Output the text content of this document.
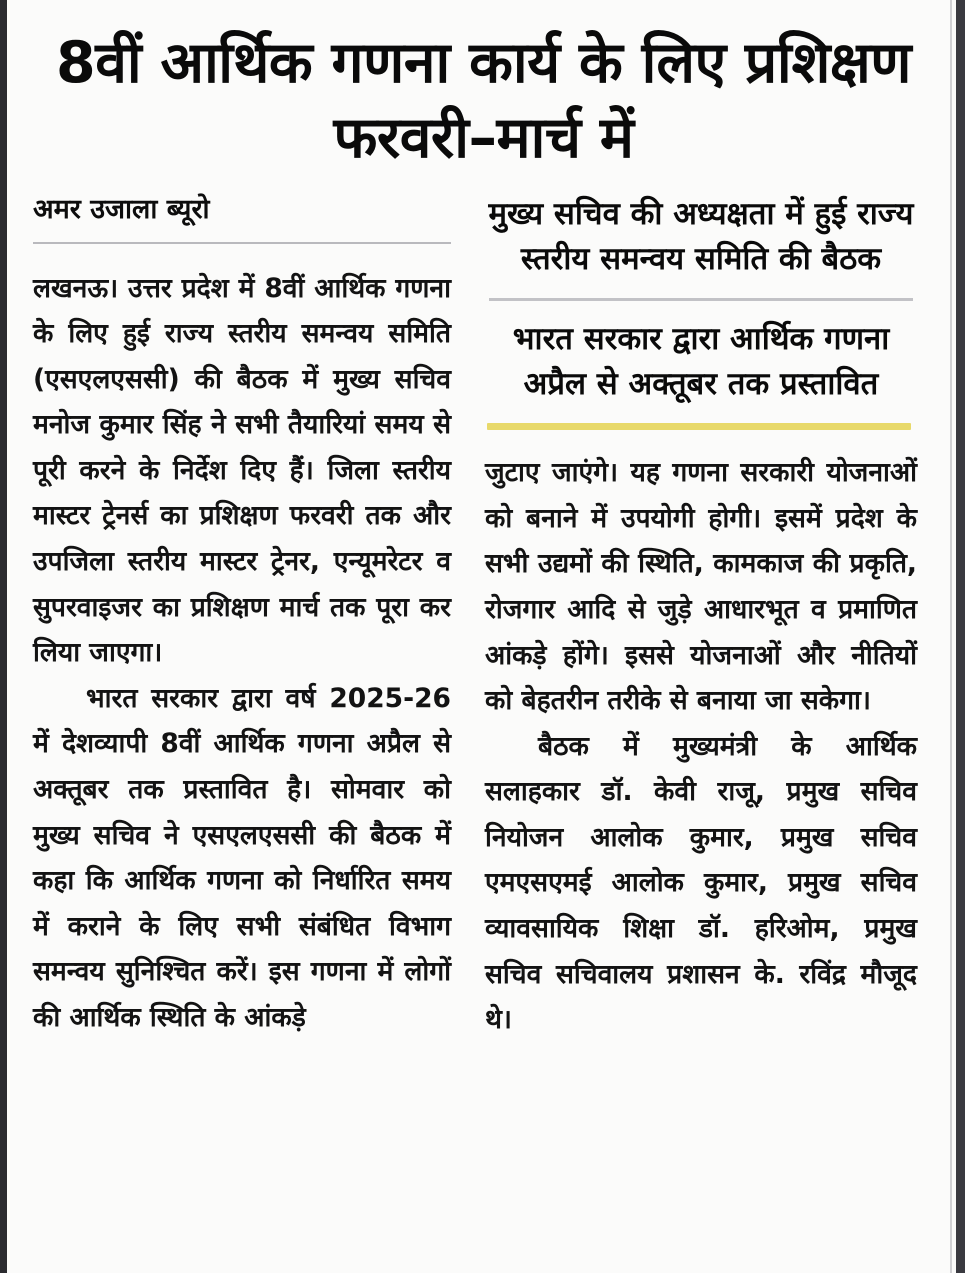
8वीं आर्थिक गणना कार्य के लिए प्रशिक्षण फरवरी–मार्च में
अमर उजाला ब्यूरो

लखनऊ। उत्तर प्रदेश में 8वीं आर्थिक गणना के लिए हुई राज्य स्तरीय समन्वय समिति (एसएलएससी) की बैठक में मुख्य सचिव मनोज कुमार सिंह ने सभी तैयारियां समय से पूरी करने के निर्देश दिए हैं। जिला स्तरीय मास्टर ट्रेनर्स का प्रशिक्षण फरवरी तक और उपजिला स्तरीय मास्टर ट्रेनर, एन्यूमरेटर व सुपरवाइजर का प्रशिक्षण मार्च तक पूरा कर लिया जाएगा।

भारत सरकार द्वारा वर्ष 2025-26 में देशव्यापी 8वीं आर्थिक गणना अप्रैल से अक्तूबर तक प्रस्तावित है। सोमवार को मुख्य सचिव ने एसएलएससी की बैठक में कहा कि आर्थिक गणना को निर्धारित समय में कराने के लिए सभी संबंधित विभाग समन्वय सुनिश्चित करें। इस गणना में लोगों की आर्थिक स्थिति के आंकड़े

मुख्य सचिव की अध्यक्षता में हुई राज्य स्तरीय समन्वय समिति की बैठक
भारत सरकार द्वारा आर्थिक गणना अप्रैल से अक्तूबर तक प्रस्तावित

जुटाए जाएंगे। यह गणना सरकारी योजनाओं को बनाने में उपयोगी होगी। इसमें प्रदेश के सभी उद्यमों की स्थिति, कामकाज की प्रकृति, रोजगार आदि से जुड़े आधारभूत व प्रमाणित आंकड़े होंगे। इससे योजनाओं और नीतियों को बेहतरीन तरीके से बनाया जा सकेगा।

बैठक में मुख्यमंत्री के आर्थिक सलाहकार डॉ. केवी राजू, प्रमुख सचिव नियोजन आलोक कुमार, प्रमुख सचिव एमएसएमई आलोक कुमार, प्रमुख सचिव व्यावसायिक शिक्षा डॉ. हरिओम, प्रमुख सचिव सचिवालय प्रशासन के. रविंद्र मौजूद थे।
